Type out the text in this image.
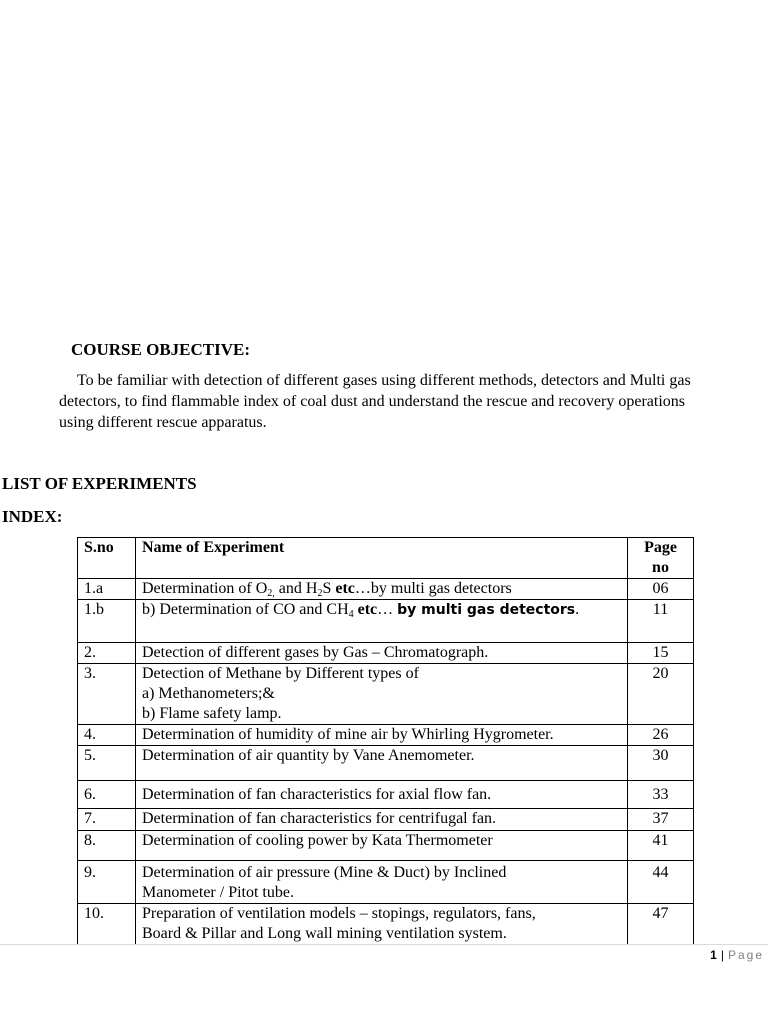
COURSE OBJECTIVE:

To be familiar with detection of different gases using different methods, detectors and Multi gas detectors, to find flammable index of coal dust and understand the rescue and recovery operations using different rescue apparatus.

LIST OF EXPERIMENTS
INDEX:
S.no	Name of Experiment	Page
no
1.a	Determination of $O_{2,}$ and $H_2S$ etc…by multi gas detectors	06
1.b	b) Determination of CO and $CH_4$ etc… by multi gas detectors.	11
2.	Detection of different gases by Gas – Chromatograph.	15
3.	Detection of Methane by Different types of
a) Methanometers;&
b) Flame safety lamp.	20
4.	Determination of humidity of mine air by Whirling Hygrometer.	26
5.	Determination of air quantity by Vane Anemometer.	30
6.	Determination of fan characteristics for axial flow fan.	33
7.	Determination of fan characteristics for centrifugal fan.	37
8.	Determination of cooling power by Kata Thermometer	41
9.	Determination of air pressure (Mine & Duct) by Inclined
Manometer / Pitot tube.	44
10.	Preparation of ventilation models – stopings, regulators, fans,
Board & Pillar and Long wall mining ventilation system.	47
1 | Page
